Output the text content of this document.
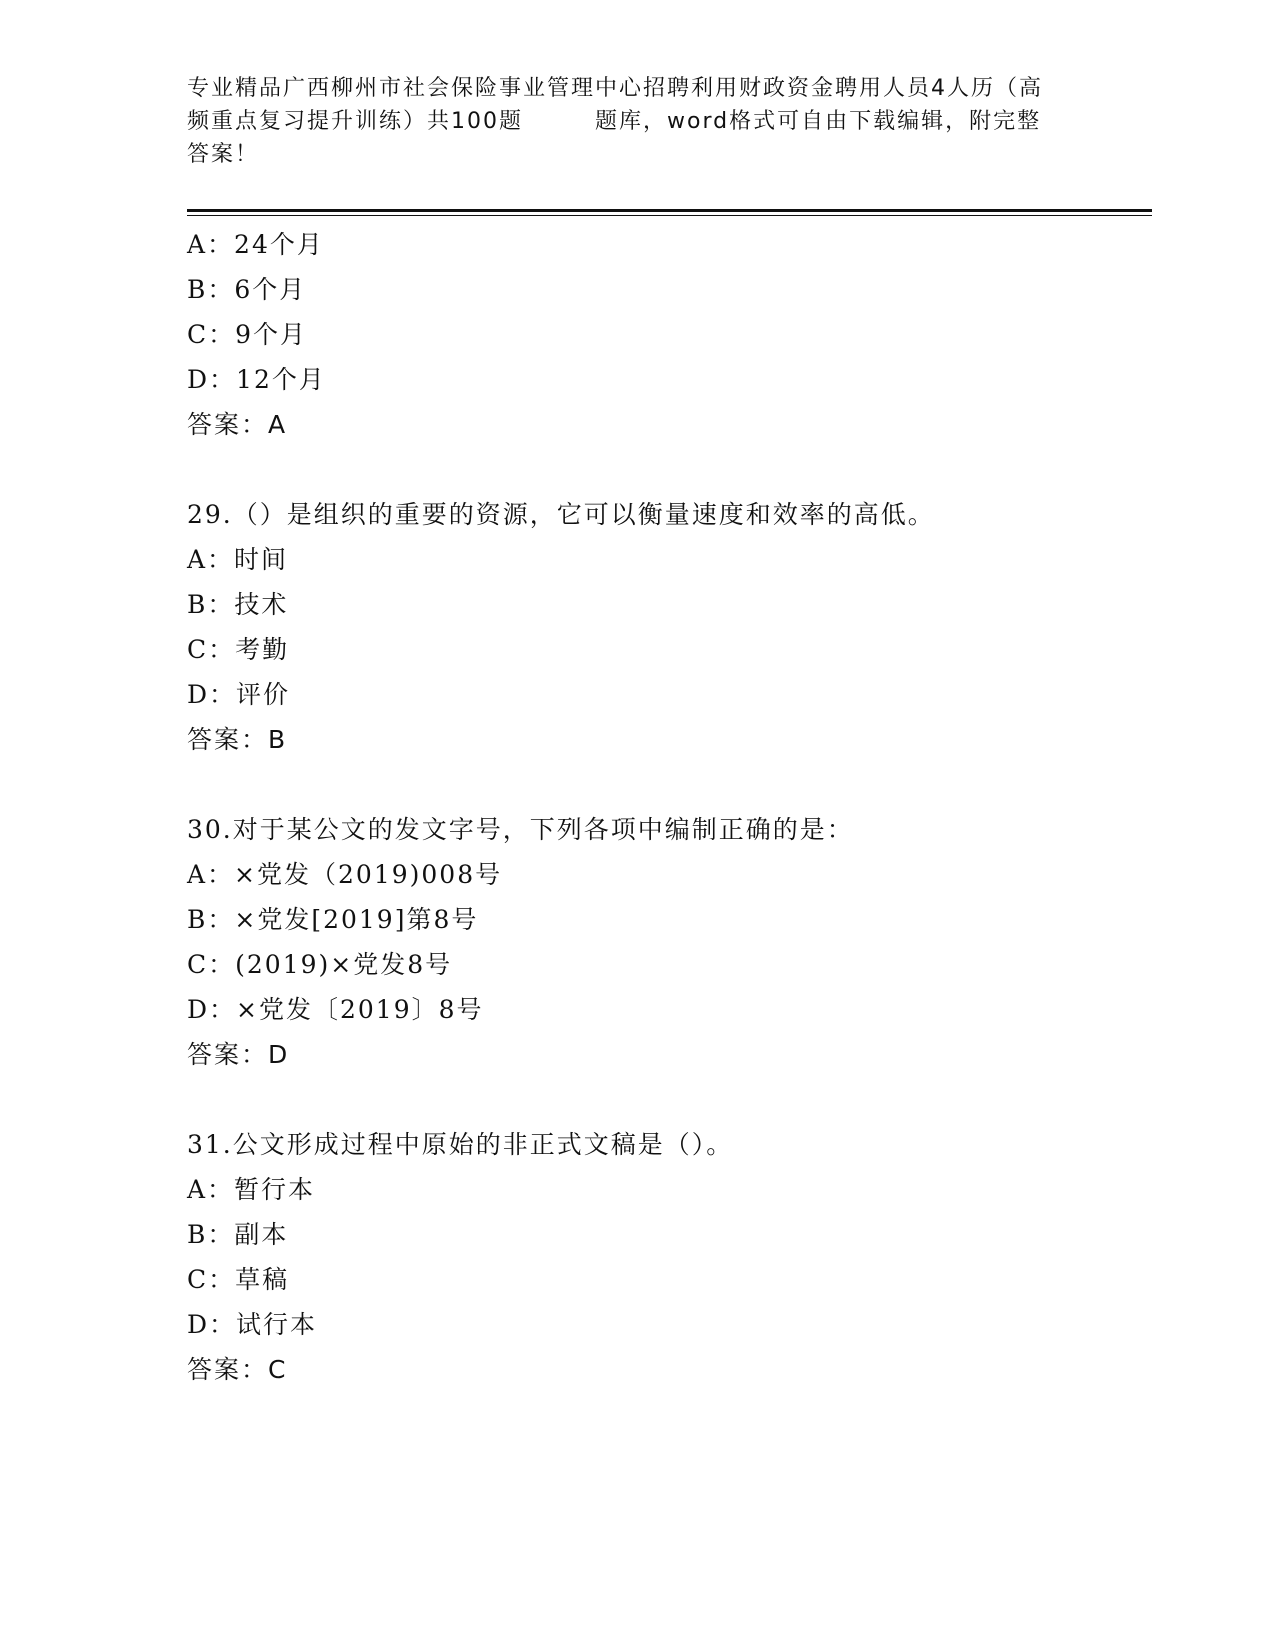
专业精品广西柳州市社会保险事业管理中心招聘利用财政资金聘用人员4人历（高
频重点复习提升训练）共100题　　　题库，word格式可自由下载编辑，附完整
答案！
A：24个月
B：6个月
C：9个月
D：12个月
答案：A
29.（）是组织的重要的资源，它可以衡量速度和效率的高低。
A：时间
B：技术
C：考勤
D：评价
答案：B
30.对于某公文的发文字号，下列各项中编制正确的是：
A：×党发（2019)008号
B：×党发[2019]第8号
C：(2019)×党发8号
D：×党发〔2019〕8号
答案：D
31.公文形成过程中原始的非正式文稿是（）。
A：暂行本
B：副本
C：草稿
D：试行本
答案：C
